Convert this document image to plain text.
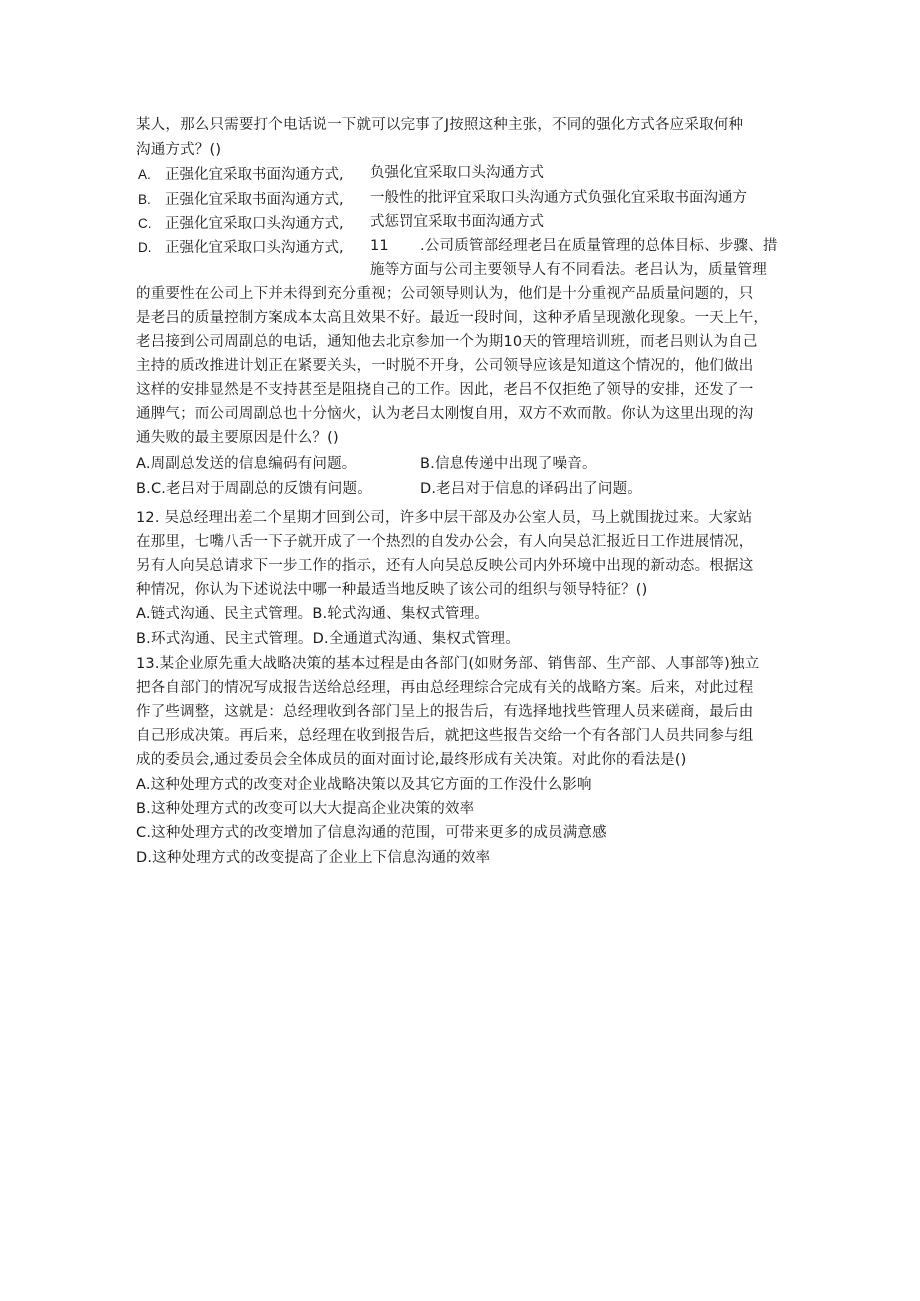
某人，那么只需要打个电话说一下就可以完事了J按照这种主张，不同的强化方式各应采取何种
沟通方式？()
A. 正强化宜采取书面沟通方式, 负强化宜采取口头沟通方式
B. 正强化宜采取书面沟通方式, 一般性的批评宜采取口头沟通方式负强化宜采取书面沟通方
C. 正强化宜采取口头沟通方式, 式惩罚宜采取书面沟通方式
D. 正强化宜采取口头沟通方式, 11 .公司质管部经理老吕在质量管理的总体目标、步骤、措
施等方面与公司主要领导人有不同看法。老吕认为，质量管理
的重要性在公司上下并未得到充分重视；公司领导则认为，他们是十分重视产品质量问题的，只
是老吕的质量控制方案成本太高且效果不好。最近一段时间，这种矛盾呈现激化现象。一天上午，
老吕接到公司周副总的电话，通知他去北京参加一个为期10天的管理培训班，而老吕则认为自己
主持的质改推进计划正在紧要关头，一时脱不开身，公司领导应该是知道这个情况的，他们做出
这样的安排显然是不支持甚至是阻挠自己的工作。因此，老吕不仅拒绝了领导的安排，还发了一
通脾气；而公司周副总也十分恼火，认为老吕太刚愎自用，双方不欢而散。你认为这里出现的沟
通失败的最主要原因是什么？()
A.周副总发送的信息编码有问题。	B.信息传递中出现了噪音。
B.C.老吕对于周副总的反馈有问题。	D.老吕对于信息的译码出了问题。
12. 吴总经理出差二个星期才回到公司，许多中层干部及办公室人员，马上就围拢过来。大家站
在那里，七嘴八舌一下子就开成了一个热烈的自发办公会，有人向吴总汇报近日工作进展情况，
另有人向吴总请求下一步工作的指示，还有人向吴总反映公司内外环境中出现的新动态。根据这
种情况，你认为下述说法中哪一种最适当地反映了该公司的组织与领导特征？()
A.链式沟通、民主式管理。B.轮式沟通、集权式管理。
B.环式沟通、民主式管理。D.全通道式沟通、集权式管理。
13.某企业原先重大战略决策的基本过程是由各部门(如财务部、销售部、生产部、人事部等)独立
把各自部门的情况写成报告送给总经理，再由总经理综合完成有关的战略方案。后来，对此过程
作了些调整，这就是：总经理收到各部门呈上的报告后，有选择地找些管理人员来磋商，最后由
自己形成决策。再后来，总经理在收到报告后，就把这些报告交给一个有各部门人员共同参与组
成的委员会,通过委员会全体成员的面对面讨论,最终形成有关决策。对此你的看法是()
A.这种处理方式的改变对企业战略决策以及其它方面的工作没什么影响
B.这种处理方式的改变可以大大提高企业决策的效率
C.这种处理方式的改变增加了信息沟通的范围，可带来更多的成员满意感
D.这种处理方式的改变提高了企业上下信息沟通的效率
